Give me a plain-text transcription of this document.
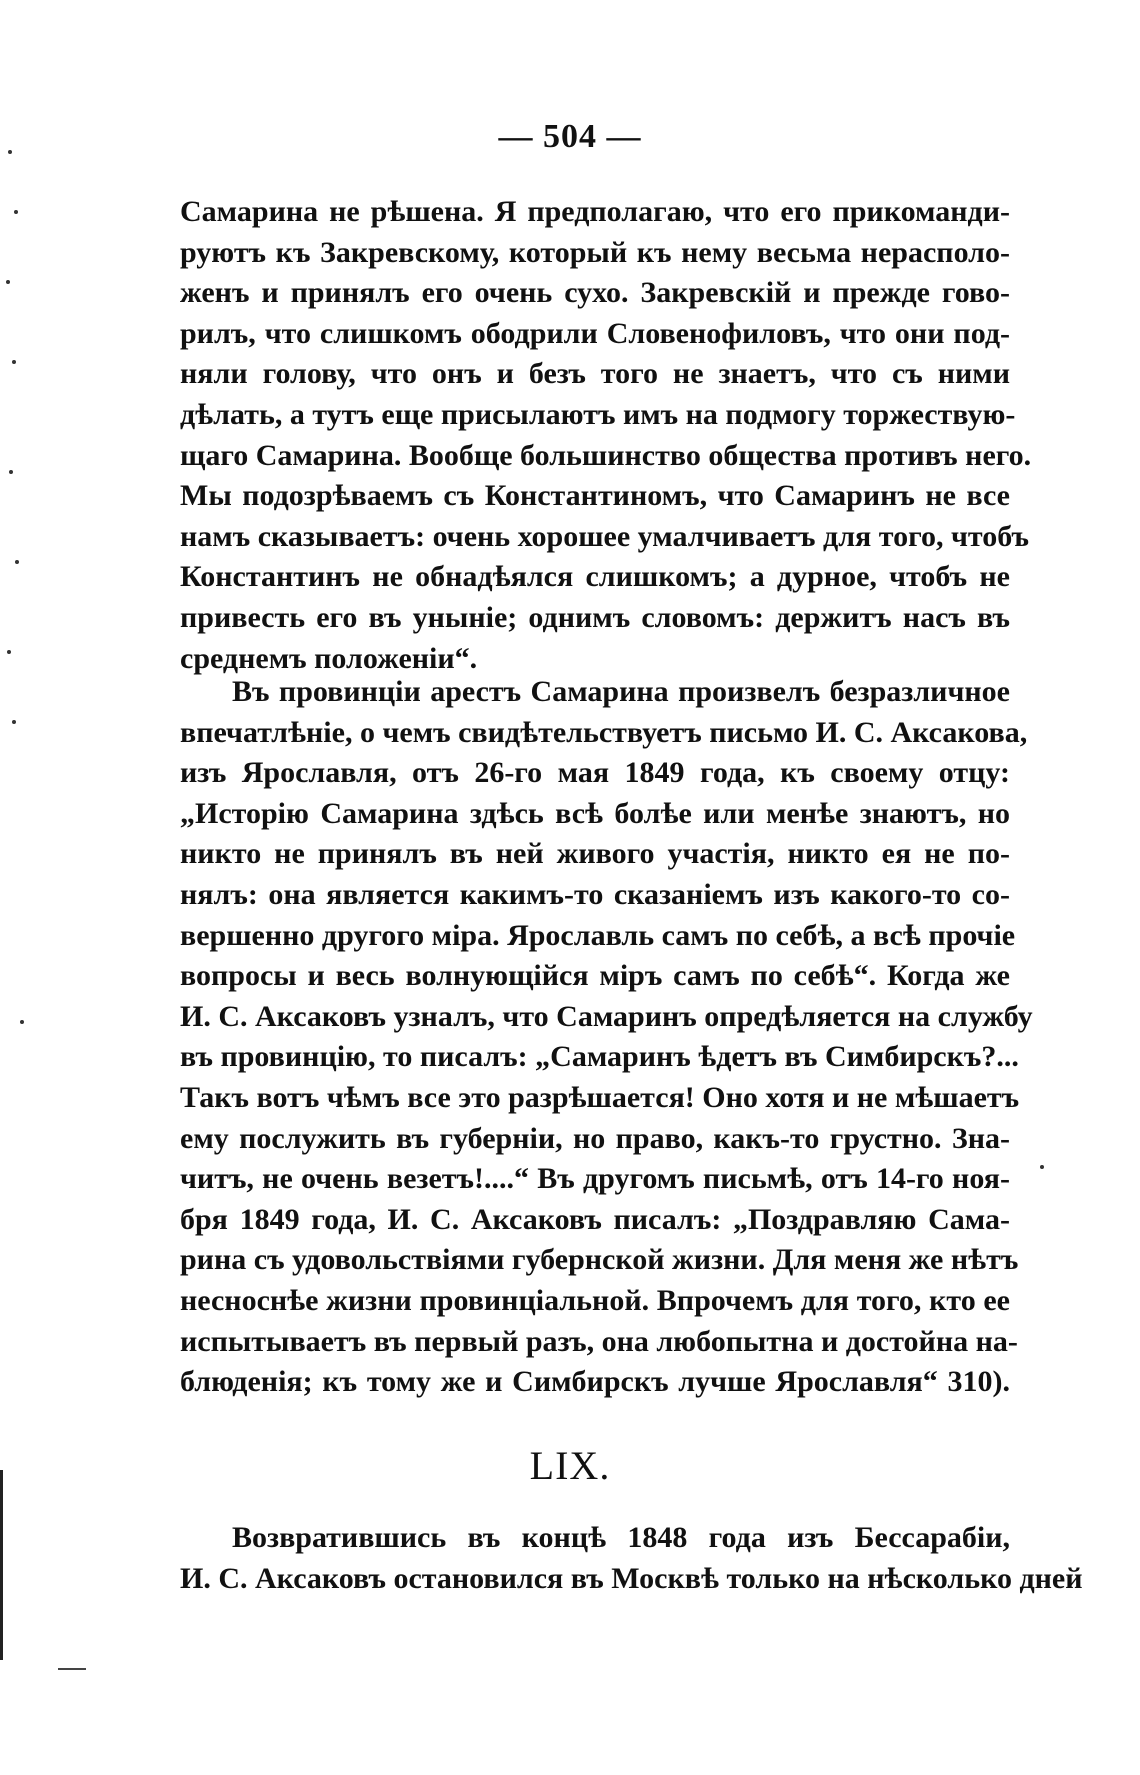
— 504 —
Самарина не рѣшена. Я предполагаю, что его прикоманди-
руютъ къ Закревскому, который къ нему весьма нерасполо-
женъ и принялъ его очень сухо. Закревскій и прежде гово-
рилъ, что слишкомъ ободрили Словенофиловъ, что они под-
няли голову, что онъ и безъ того не знаетъ, что съ ними
дѣлать, а тутъ еще присылаютъ имъ на подмогу торжествую-
щаго Самарина. Вообще большинство общества противъ него.
Мы подозрѣваемъ съ Константиномъ, что Самаринъ не все
намъ сказываетъ: очень хорошее умалчиваетъ для того, чтобъ
Константинъ не обнадѣялся слишкомъ; а дурное, чтобъ не
привесть его въ уныніе; однимъ словомъ: держитъ насъ въ
среднемъ положеніи“.
Въ провинціи арестъ Самарина произвелъ безразличное
впечатлѣніе, о чемъ свидѣтельствуетъ письмо И. С. Аксакова,
изъ Ярославля, отъ 26-го мая 1849 года, къ своему отцу:
„Исторію Самарина здѣсь всѣ болѣе или менѣе знаютъ, но
никто не принялъ въ ней живого участія, никто ея не по-
нялъ: она является какимъ-то сказаніемъ изъ какого-то со-
вершенно другого міра. Ярославль самъ по себѣ, а всѣ прочіе
вопросы и весь волнующійся міръ самъ по себѣ“. Когда же
И. С. Аксаковъ узналъ, что Самаринъ опредѣляется на службу
въ провинцію, то писалъ: „Самаринъ ѣдетъ въ Симбирскъ?...
Такъ вотъ чѣмъ все это разрѣшается! Оно хотя и не мѣшаетъ
ему послужить въ губерніи, но право, какъ-то грустно. Зна-
читъ, не очень везетъ!....“ Въ другомъ письмѣ, отъ 14-го ноя-
бря 1849 года, И. С. Аксаковъ писалъ: „Поздравляю Сама-
рина съ удовольствіями губернской жизни. Для меня же нѣтъ
несноснѣе жизни провинціальной. Впрочемъ для того, кто ее
испытываетъ въ первый разъ, она любопытна и достойна на-
блюденія; къ тому же и Симбирскъ лучше Ярославля“ 310).
LIX.
Возвратившись въ концѣ 1848 года изъ Бессарабіи,
И. С. Аксаковъ остановился въ Москвѣ только на нѣсколько дней
